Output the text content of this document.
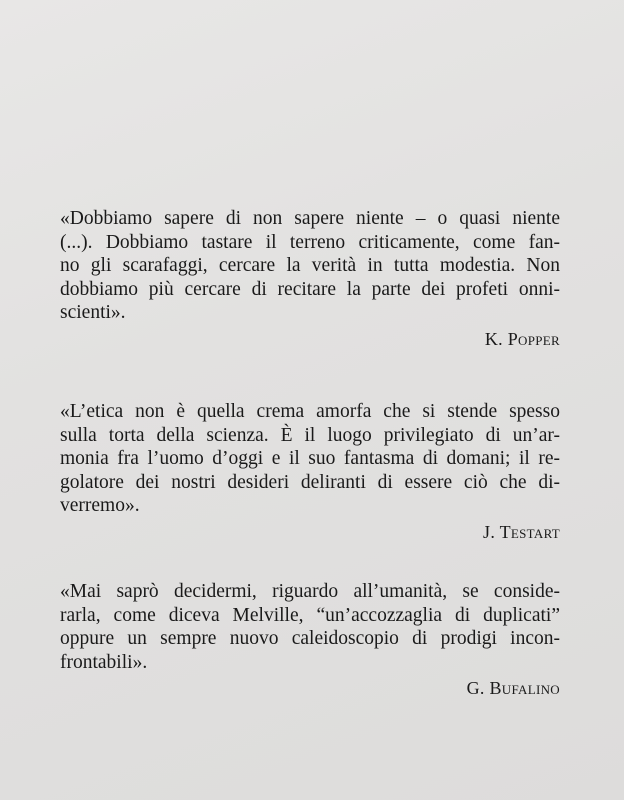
«Dobbiamo sapere di non sapere niente – o quasi niente
(...). Dobbiamo tastare il terreno criticamente, come fan-
no gli scarafaggi, cercare la verità in tutta modestia. Non
dobbiamo più cercare di recitare la parte dei profeti onni-
scienti».

K. Popper

«L’etica non è quella crema amorfa che si stende spesso
sulla torta della scienza. È il luogo privilegiato di un’ar-
monia fra l’uomo d’oggi e il suo fantasma di domani; il re-
golatore dei nostri desideri deliranti di essere ciò che di-
verremo».

J. Testart

«Mai saprò decidermi, riguardo all’umanità, se conside-
rarla, come diceva Melville, “un’accozzaglia di duplicati”
oppure un sempre nuovo caleidoscopio di prodigi incon-
frontabili».

G. Bufalino
